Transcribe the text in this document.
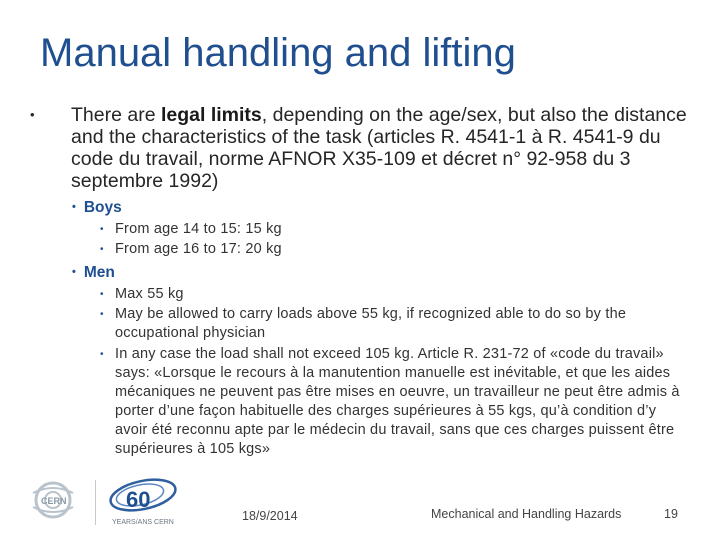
Manual handling and lifting
• There are legal limits, depending on the age/sex, but also the distance and the characteristics of the task (articles R. 4541-1 à R. 4541-9 du code du travail, norme AFNOR X35-109 et décret n° 92-958 du 3 septembre 1992)
• Boys
• From age 14 to 15: 15 kg
• From age 16 to 17: 20 kg
• Men
• Max 55 kg
• May be allowed to carry loads above 55 kg, if recognized able to do so by the occupational physician
• In any case the load shall not exceed 105 kg. Article R. 231-72 of «code du travail» says: «Lorsque le recours à la manutention manuelle est inévitable, et que les aides mécaniques ne peuvent pas être mises en oeuvre, un travailleur ne peut être admis à porter d’une façon habituelle des charges supérieures à 55 kgs, qu’à condition d’y avoir été reconnu apte par le médecin du travail, sans que ces charges puissent être supérieures à 105 kgs»
CERN	60
YEARS/ANS CERN	18/9/2014	Mechanical and Handling Hazards	19
